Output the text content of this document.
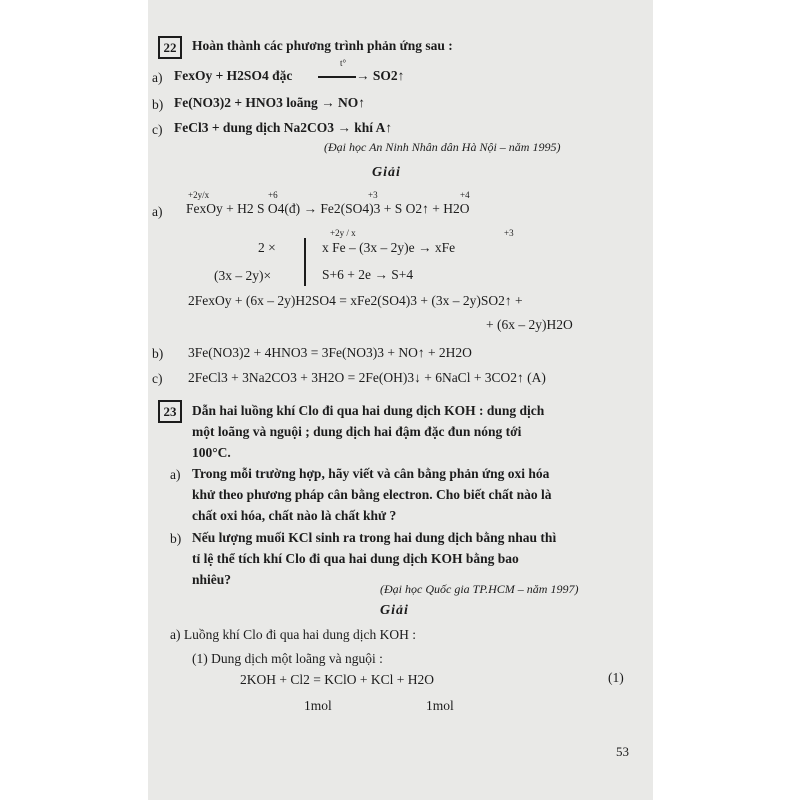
22	Hoàn thành các phương trình phản ứng sau :
a) FexOy + H2SO4 đặc
t°
→ SO2↑
b) Fe(NO3)2 + HNO3 loãng → NO↑
c) FeCl3 + dung dịch Na2CO3 → khí A↑
(Đại học An Ninh Nhân dân Hà Nội – năm 1995)
Giải
+2y/x	+6	+3	+4
a) FexOy + H2 S O4(đ) → Fe2(SO4)3 + S O2↑ + H2O
+2y / x	+3
2 ×	x Fe – (3x – 2y)e → xFe
(3x – 2y)×	S+6 + 2e → S+4
2FexOy + (6x – 2y)H2SO4 = xFe2(SO4)3 + (3x – 2y)SO2↑ +
+ (6x – 2y)H2O
b) 3Fe(NO3)2 + 4HNO3 = 3Fe(NO3)3 + NO↑ + 2H2O
c) 2FeCl3 + 3Na2CO3 + 3H2O = 2Fe(OH)3↓ + 6NaCl + 3CO2↑ (A)
23	Dẫn hai luồng khí Clo đi qua hai dung dịch KOH : dung dịch
một loãng và nguội ; dung dịch hai đậm đặc đun nóng tới
100°C.
a) Trong mỗi trường hợp, hãy viết và cân bằng phản ứng oxi hóa
khử theo phương pháp cân bằng electron. Cho biết chất nào là
chất oxi hóa, chất nào là chất khử ?
b) Nếu lượng muối KCl sinh ra trong hai dung dịch bằng nhau thì
tỉ lệ thể tích khí Clo đi qua hai dung dịch KOH bằng bao
nhiêu?
(Đại học Quốc gia TP.HCM – năm 1997)
Giải
a) Luồng khí Clo đi qua hai dung dịch KOH :
(1) Dung dịch một loãng và nguội :
2KOH + Cl2 = KClO + KCl + H2O	(1)
1mol	1mol
53
